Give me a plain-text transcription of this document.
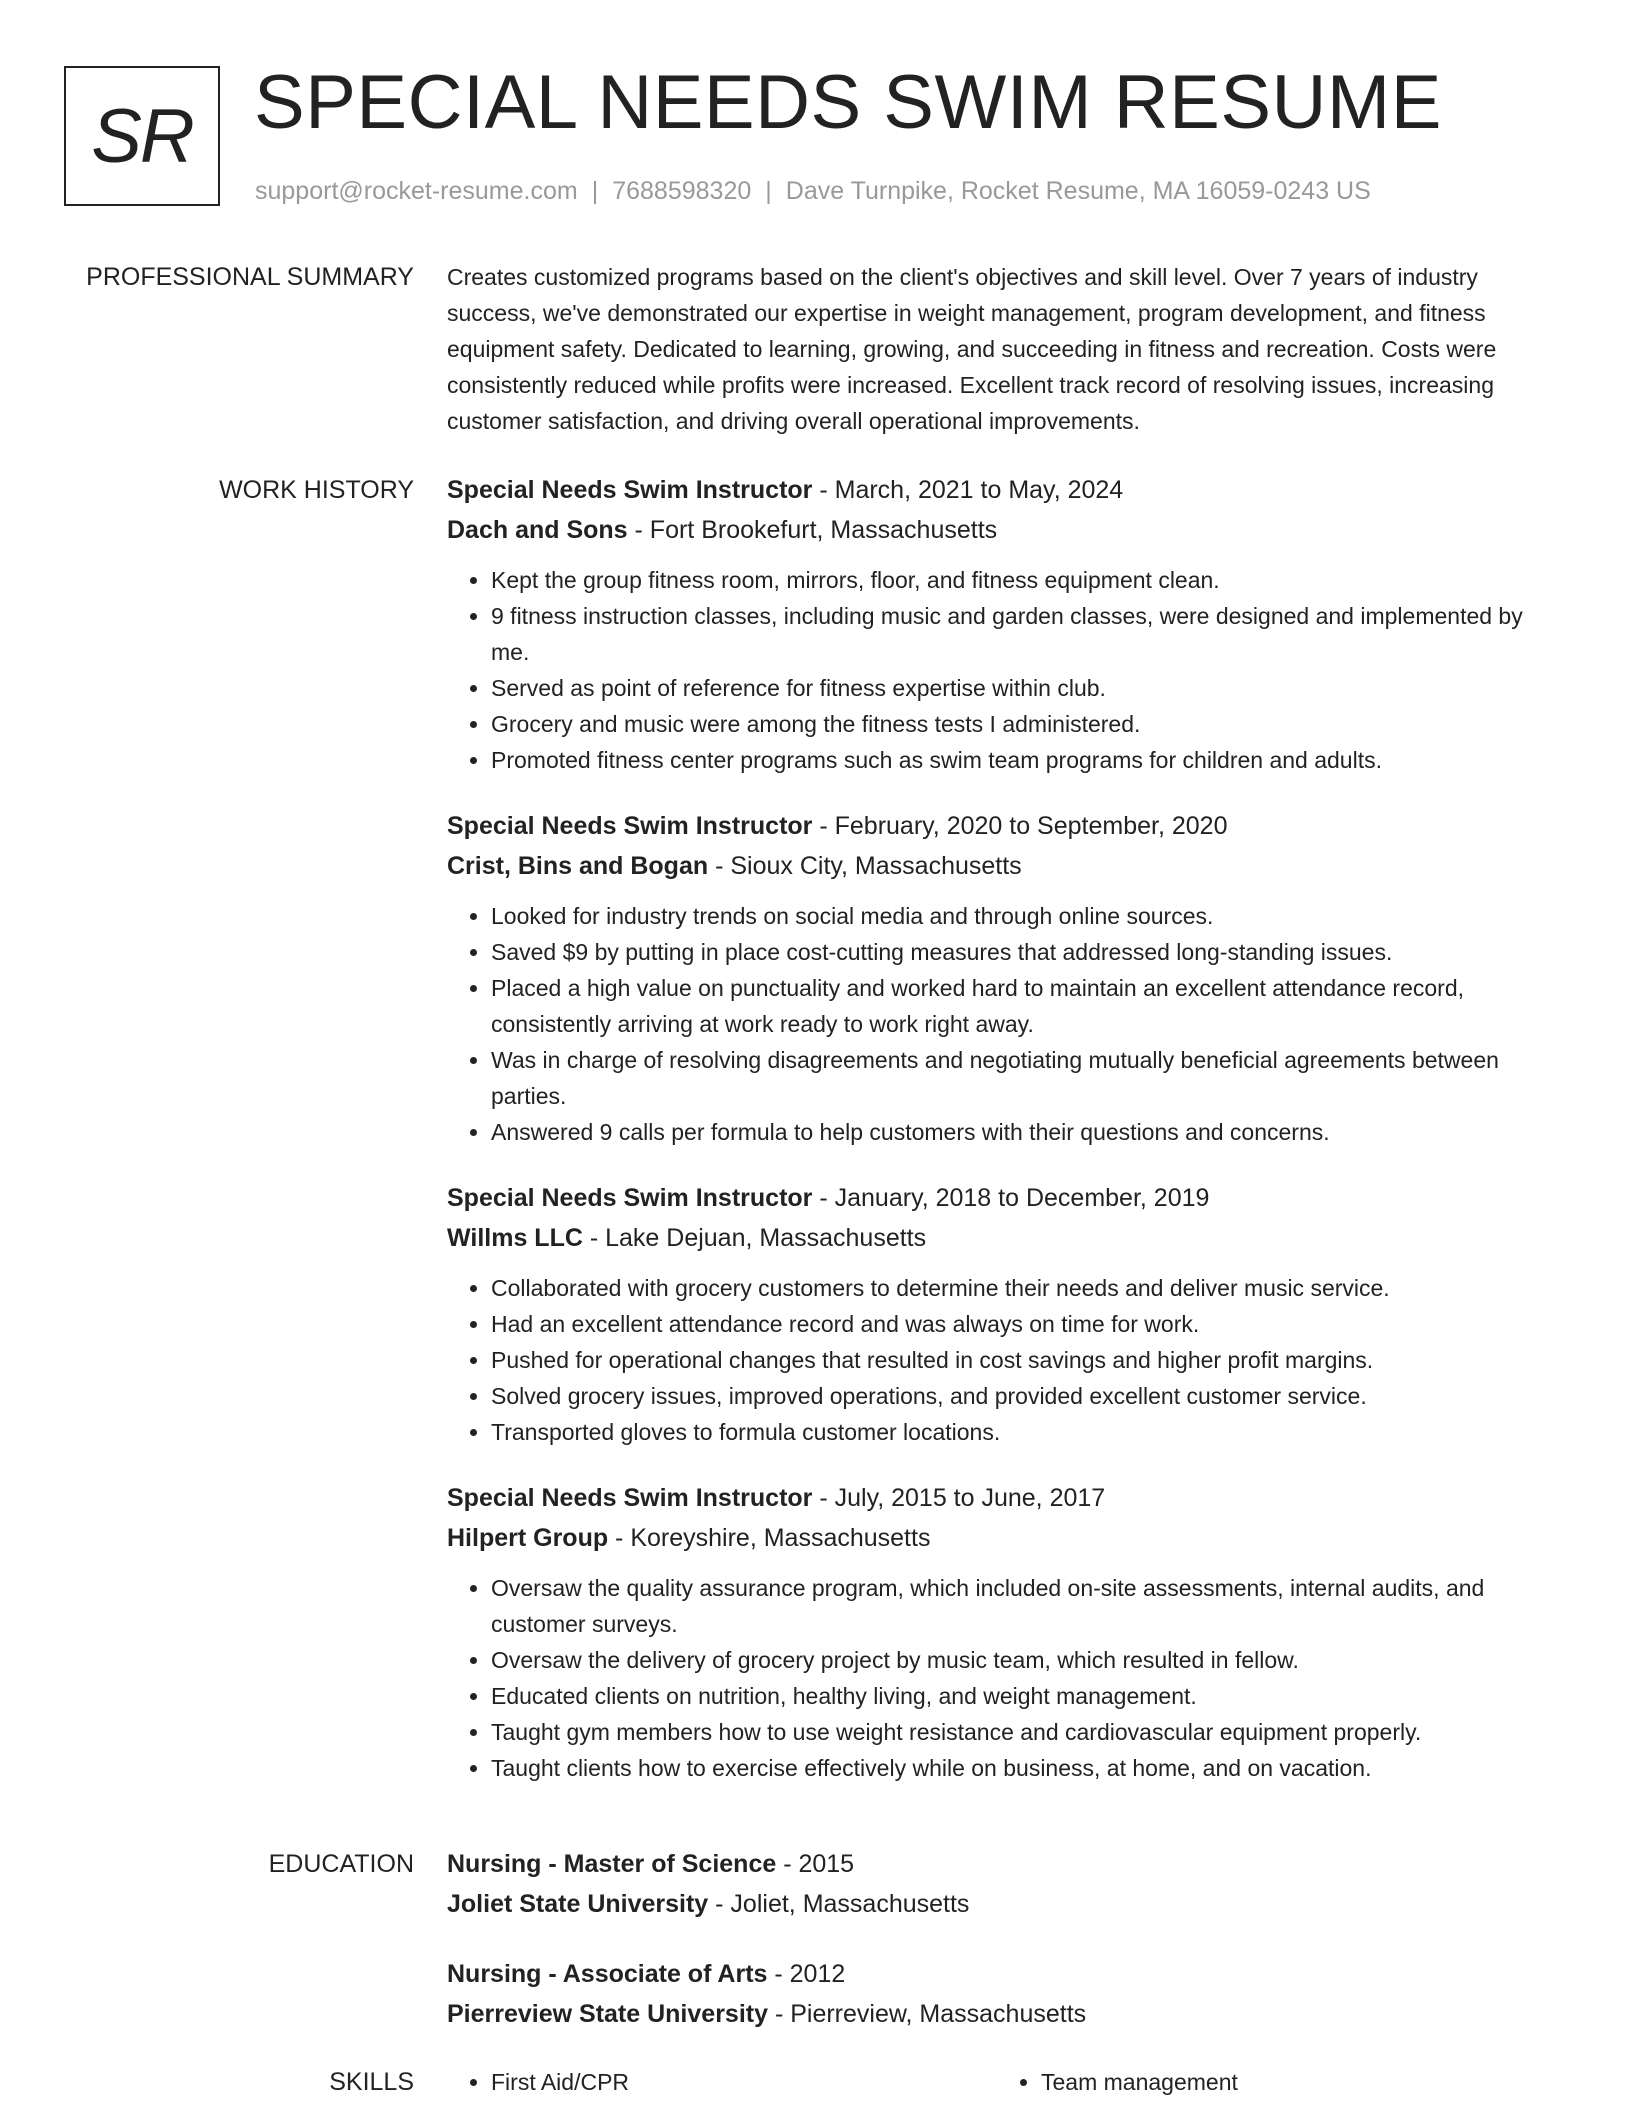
SR SPECIAL NEEDS SWIM RESUME
support@rocket-resume.com | 7688598320 | Dave Turnpike, Rocket Resume, MA 16059-0243 US
PROFESSIONAL SUMMARY Creates customized programs based on the client's objectives and skill level. Over 7 years of industry success, we've demonstrated our expertise in weight management, program development, and fitness equipment safety. Dedicated to learning, growing, and succeeding in fitness and recreation. Costs were consistently reduced while profits were increased. Excellent track record of resolving issues, increasing customer satisfaction, and driving overall operational improvements.

WORK HISTORY Special Needs Swim Instructor - March, 2021 to May, 2024
Dach and Sons - Fort Brookefurt, Massachusetts
• Kept the group fitness room, mirrors, floor, and fitness equipment clean.
• 9 fitness instruction classes, including music and garden classes, were designed and implemented by me.
• Served as point of reference for fitness expertise within club.
• Grocery and music were among the fitness tests I administered.
• Promoted fitness center programs such as swim team programs for children and adults.
Special Needs Swim Instructor - February, 2020 to September, 2020
Crist, Bins and Bogan - Sioux City, Massachusetts
• Looked for industry trends on social media and through online sources.
• Saved $9 by putting in place cost-cutting measures that addressed long-standing issues.
• Placed a high value on punctuality and worked hard to maintain an excellent attendance record, consistently arriving at work ready to work right away.
• Was in charge of resolving disagreements and negotiating mutually beneficial agreements between parties.
• Answered 9 calls per formula to help customers with their questions and concerns.
Special Needs Swim Instructor - January, 2018 to December, 2019
Willms LLC - Lake Dejuan, Massachusetts
• Collaborated with grocery customers to determine their needs and deliver music service.
• Had an excellent attendance record and was always on time for work.
• Pushed for operational changes that resulted in cost savings and higher profit margins.
• Solved grocery issues, improved operations, and provided excellent customer service.
• Transported gloves to formula customer locations.
Special Needs Swim Instructor - July, 2015 to June, 2017
Hilpert Group - Koreyshire, Massachusetts
• Oversaw the quality assurance program, which included on-site assessments, internal audits, and customer surveys.
• Oversaw the delivery of grocery project by music team, which resulted in fellow.
• Educated clients on nutrition, healthy living, and weight management.
• Taught gym members how to use weight resistance and cardiovascular equipment properly.
• Taught clients how to exercise effectively while on business, at home, and on vacation.
EDUCATION Nursing - Master of Science - 2015
Joliet State University - Joliet, Massachusetts
Nursing - Associate of Arts - 2012
Pierreview State University - Pierreview, Massachusetts
SKILLS	• First Aid/CPR	• Team management
